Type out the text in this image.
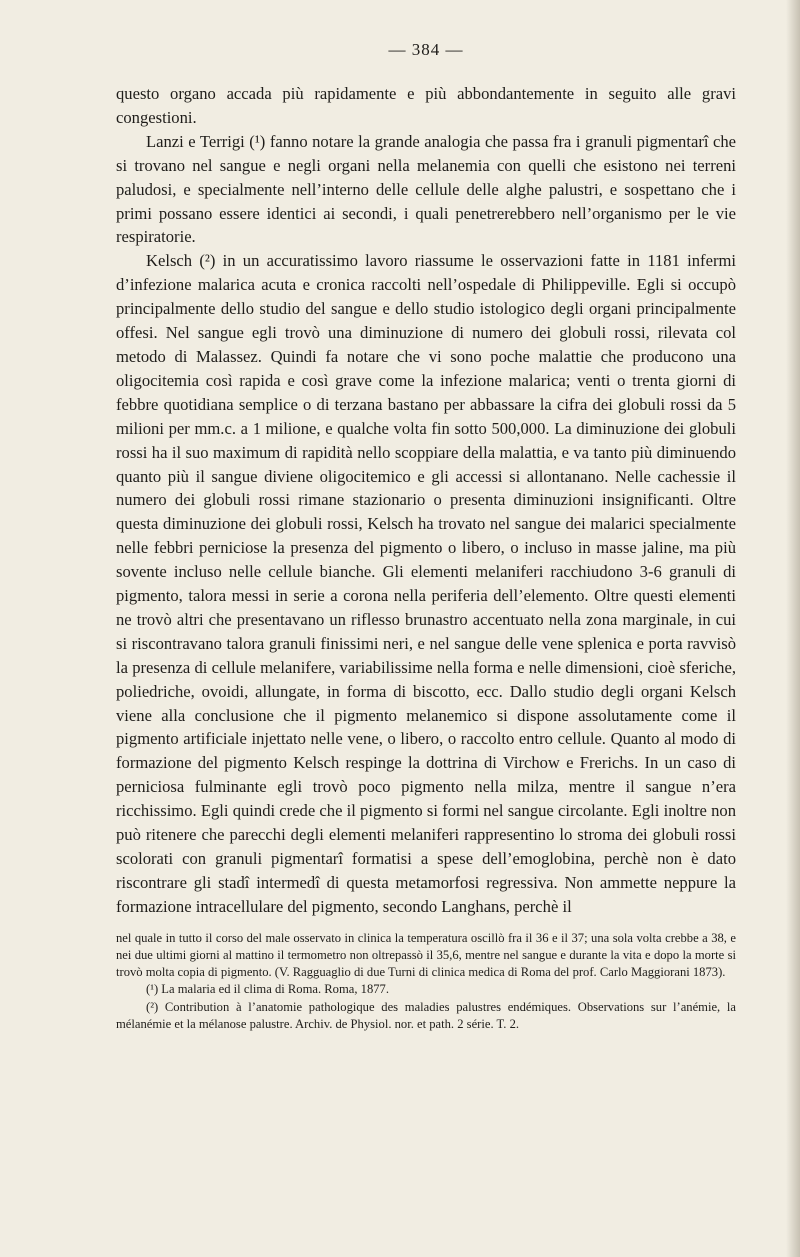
— 384 —

questo organo accada più rapidamente e più abbondantemente in seguito alle gravi congestioni.

Lanzi e Terrigi (¹) fanno notare la grande analogia che passa fra i granuli pigmentarî che si trovano nel sangue e negli organi nella melanemia con quelli che esistono nei terreni paludosi, e specialmente nell’interno delle cellule delle alghe palustri, e sospettano che i primi possano essere identici ai secondi, i quali penetrerebbero nell’organismo per le vie respiratorie.

Kelsch (²) in un accuratissimo lavoro riassume le osservazioni fatte in 1181 infermi d’infezione malarica acuta e cronica raccolti nell’ospedale di Philippeville. Egli si occupò principalmente dello studio del sangue e dello studio istologico degli organi principalmente offesi. Nel sangue egli trovò una diminuzione di numero dei globuli rossi, rilevata col metodo di Malassez. Quindi fa notare che vi sono poche malattie che producono una oligocitemia così rapida e così grave come la infezione malarica; venti o trenta giorni di febbre quotidiana semplice o di terzana bastano per abbassare la cifra dei globuli rossi da 5 milioni per mm.c. a 1 milione, e qualche volta fin sotto 500,000. La diminuzione dei globuli rossi ha il suo maximum di rapidità nello scoppiare della malattia, e va tanto più diminuendo quanto più il sangue diviene oligocitemico e gli accessi si allontanano. Nelle cachessie il numero dei globuli rossi rimane stazionario o presenta diminuzioni insignificanti. Oltre questa diminuzione dei globuli rossi, Kelsch ha trovato nel sangue dei malarici specialmente nelle febbri perniciose la presenza del pigmento o libero, o incluso in masse jaline, ma più sovente incluso nelle cellule bianche. Gli elementi melaniferi racchiudono 3-6 granuli di pigmento, talora messi in serie a corona nella periferia dell’elemento. Oltre questi elementi ne trovò altri che presentavano un riflesso brunastro accentuato nella zona marginale, in cui si riscontravano talora granuli finissimi neri, e nel sangue delle vene splenica e porta ravvisò la presenza di cellule melanifere, variabilissime nella forma e nelle dimensioni, cioè sferiche, poliedriche, ovoidi, allungate, in forma di biscotto, ecc. Dallo studio degli organi Kelsch viene alla conclusione che il pigmento melanemico si dispone assolutamente come il pigmento artificiale injettato nelle vene, o libero, o raccolto entro cellule. Quanto al modo di formazione del pigmento Kelsch respinge la dottrina di Virchow e Frerichs. In un caso di perniciosa fulminante egli trovò poco pigmento nella milza, mentre il sangue n’era ricchissimo. Egli quindi crede che il pigmento si formi nel sangue circolante. Egli inoltre non può ritenere che parecchi degli elementi melaniferi rappresentino lo stroma dei globuli rossi scolorati con granuli pigmentarî formatisi a spese dell’emoglobina, perchè non è dato riscontrare gli stadî intermedî di questa metamorfosi regressiva. Non ammette neppure la formazione intracellulare del pigmento, secondo Langhans, perchè il

nel quale in tutto il corso del male osservato in clinica la temperatura oscillò fra il 36 e il 37; una sola volta crebbe a 38, e nei due ultimi giorni al mattino il termometro non oltrepassò il 35,6, mentre nel sangue e durante la vita e dopo la morte si trovò molta copia di pigmento. (V. Ragguaglio di due Turni di clinica medica di Roma del prof. Carlo Maggiorani 1873).

(¹) La malaria ed il clima di Roma. Roma, 1877.

(²) Contribution à l’anatomie pathologique des maladies palustres endémiques. Observations sur l’anémie, la mélanémie et la mélanose palustre. Archiv. de Physiol. nor. et path. 2 série. T. 2.
